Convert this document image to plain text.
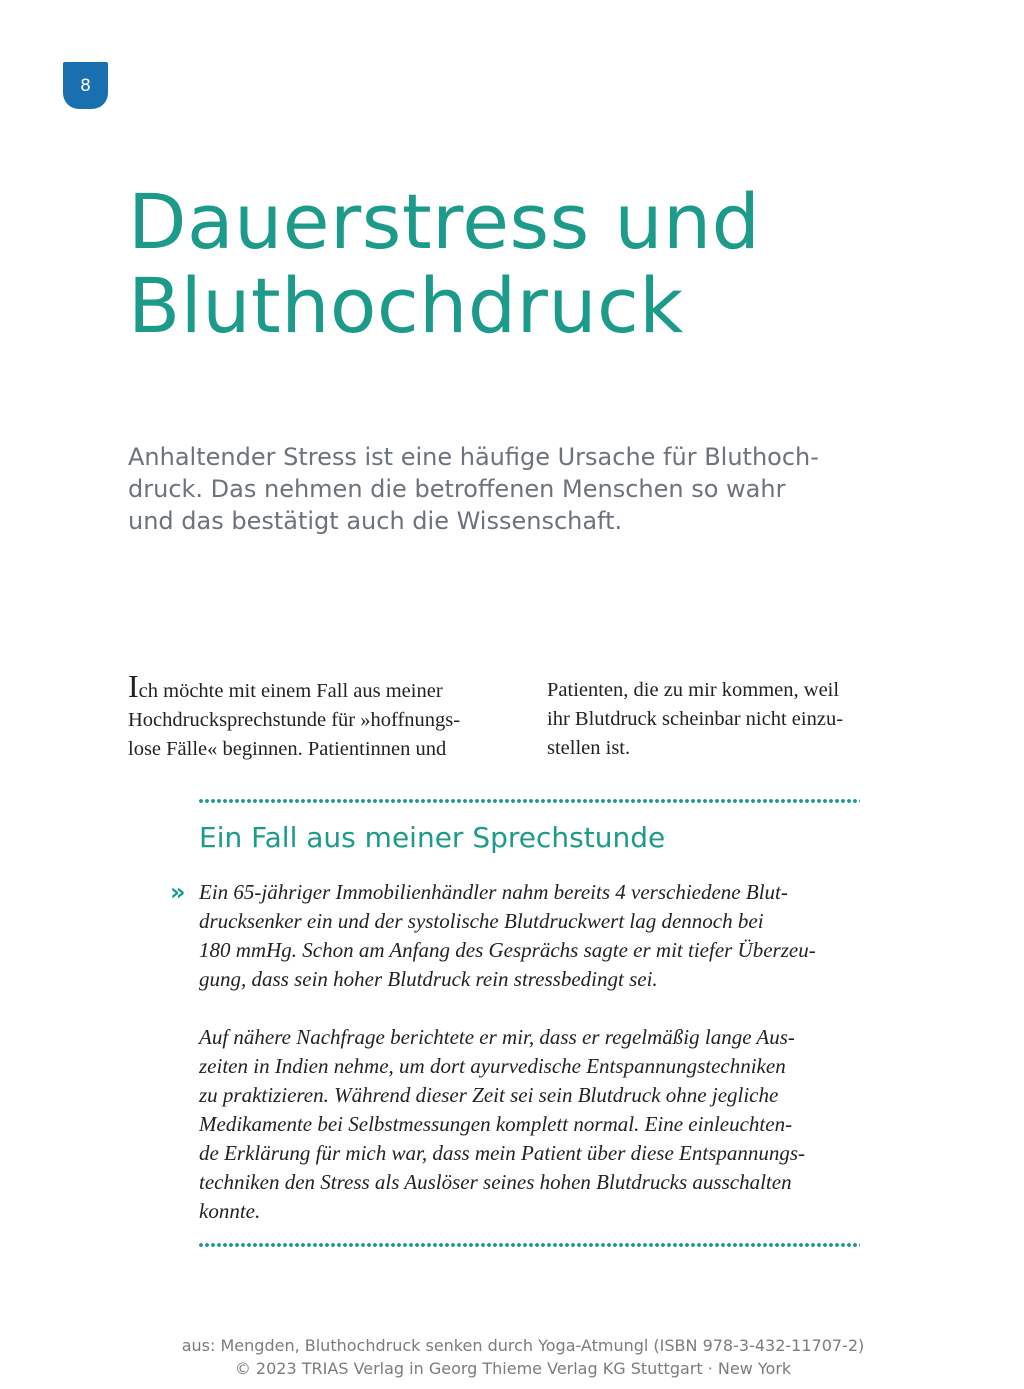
8
Dauerstress und
Bluthochdruck

Anhaltender Stress ist eine häufige Ursache für Bluthoch-
druck. Das nehmen die betroffenen Menschen so wahr
und das bestätigt auch die Wissenschaft.

Ich möchte mit einem Fall aus meiner
Hochdrucksprechstunde für »hoffnungs-
lose Fälle« beginnen. Patientinnen und

Patienten, die zu mir kommen, weil
ihr Blutdruck scheinbar nicht einzu-
stellen ist.

Ein Fall aus meiner Sprechstunde
» Ein 65-jähriger Immobilienhändler nahm bereits 4 verschiedene Blut-
drucksenker ein und der systolische Blutdruckwert lag dennoch bei
180 mmHg. Schon am Anfang des Gesprächs sagte er mit tiefer Überzeu-
gung, dass sein hoher Blutdruck rein stressbedingt sei.

Auf nähere Nachfrage berichtete er mir, dass er regelmäßig lange Aus-
zeiten in Indien nehme, um dort ayurvedische Entspannungstechniken
zu praktizieren. Während dieser Zeit sei sein Blutdruck ohne jegliche
Medikamente bei Selbstmessungen komplett normal. Eine einleuchten-
de Erklärung für mich war, dass mein Patient über diese Entspannungs-
techniken den Stress als Auslöser seines hohen Blutdrucks ausschalten
konnte.

aus: Mengden, Bluthochdruck senken durch Yoga-Atmungl (ISBN 978-3-432-11707-2)
© 2023 TRIAS Verlag in Georg Thieme Verlag KG Stuttgart · New York
